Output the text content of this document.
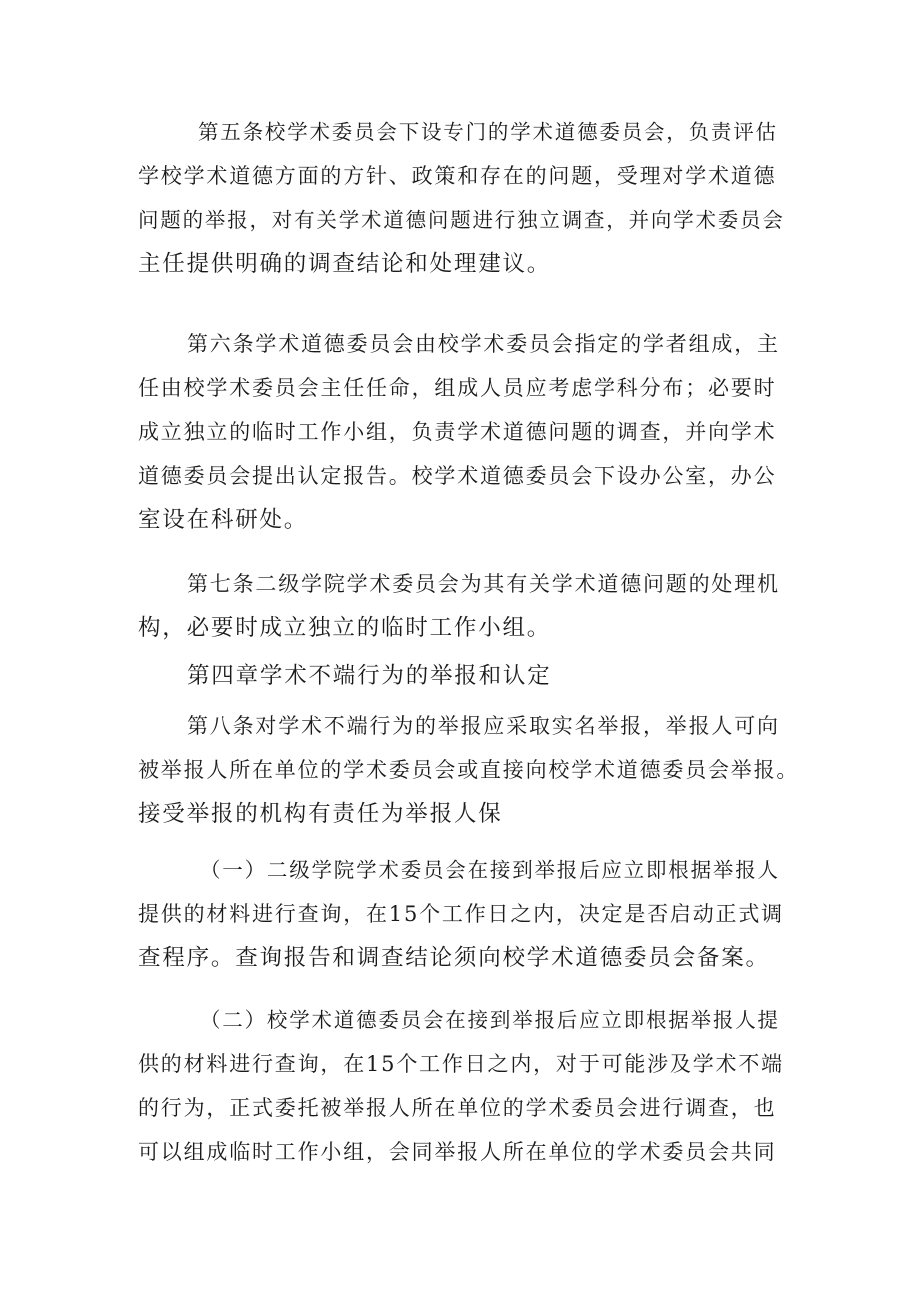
第五条校学术委员会下设专门的学术道德委员会，负责评估
学校学术道德方面的方针、政策和存在的问题，受理对学术道德
问题的举报，对有关学术道德问题进行独立调查，并向学术委员会
主任提供明确的调查结论和处理建议。
第六条学术道德委员会由校学术委员会指定的学者组成，主
任由校学术委员会主任任命，组成人员应考虑学科分布；必要时
成立独立的临时工作小组，负责学术道德问题的调查，并向学术
道德委员会提出认定报告。校学术道德委员会下设办公室，办公
室设在科研处。
第七条二级学院学术委员会为其有关学术道德问题的处理机
构，必要时成立独立的临时工作小组。
第四章学术不端行为的举报和认定
第八条对学术不端行为的举报应采取实名举报，举报人可向
被举报人所在单位的学术委员会或直接向校学术道德委员会举报。
接受举报的机构有责任为举报人保
（一）二级学院学术委员会在接到举报后应立即根据举报人
提供的材料进行查询，在15个工作日之内，决定是否启动正式调
查程序。查询报告和调查结论须向校学术道德委员会备案。
（二）校学术道德委员会在接到举报后应立即根据举报人提
供的材料进行查询，在15个工作日之内，对于可能涉及学术不端
的行为，正式委托被举报人所在单位的学术委员会进行调查，也
可以组成临时工作小组，会同举报人所在单位的学术委员会共同
